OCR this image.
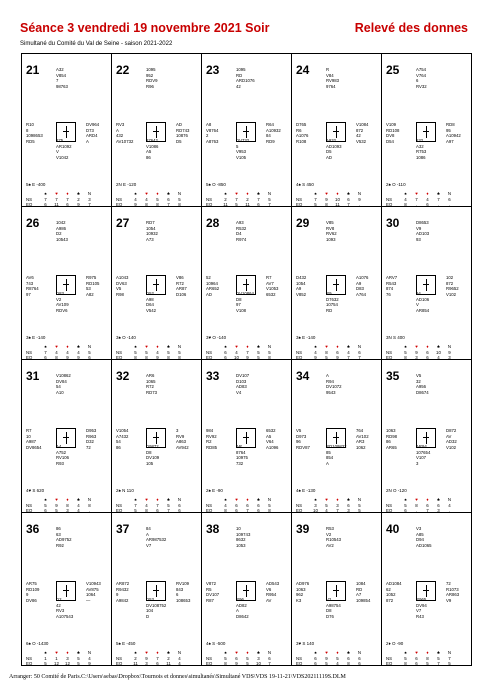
Séance 3 vendredi 19 novembre 2021 Soir	Relevé des donnes
Simultané du Comité du Val de Seine - saison 2021-2022
21	A32
V854
7
98763
R10
8
1098653
RD5
DV964
D73
ARD4
A
875
AR1092
V
V1042
5♠ E -400
♠	♥	♦	♣	N
NS	7	7	7	2	3
EO	6	11	6	9	7
22	1095
952
RDV9
R96
RV3
A
432
AV10732
AD
RD743
10876
D5
87642
V1086
A5
86
2N E -120
♠	♥	♦	♣	N
NS	4	4	5	6	5
EO	9	8	8	7	8
23	1095
RD
ARD1076
42
A8
V8764
2
A8763
R64
A10932
84
RD9
DV732
5
V953
V105
5♠ O -850
♠	♥	♦	♣	N
NS	2	7	2	7	5
EO	11	5	11	6	7
24	R
V84
RV983
9764
D765
R6
A1076
R108
V1084
872
42
V532
A932
AD1093
D5
AD
4♠ S 450
♠	♥	♦	♣	N
NS	7	9	10	6	9
EO	5	8	11	7	.
25	A754
V764
6
RV32
V109
RD108
DV8
D54
RD8
95
A10942
A97
632
A32
R753
1086
2♠ O -110
♠	♥	♦	♣	N
NS	4	7	4	7	6
EO	8	.	6	.	.
26	1042
A986
D2
10543
AV6
743
R8764
97
R975
RD105
53
A82
D83
V2
AV109
RDV6
3♠ E -140
♠	♥	♦	♣	N
NS	7	4	4	4	5
EO	6	8	9	9	6
27	RD7
1054
10932
A73
A1043
DV63
V5
R98
V86
R72
AR87
D106
D52
A98
D64
V542
3♠ O -140
♠	♥	♦	♣	N
NS	5	5	4	5	5
EO	8	8	9	8	8
28	A93
R532
D4
R974
52
10964
AR652
AD
R7
AV7
V1053
6532
DV10864
D8
97
V108
3♥ O -140
♠	♥	♦	♣	N
NS	6	4	7	5	5
EO	6	10	9	5	8
29	V85
RV8
RV62
1093
D432
1054
A9
V852
A1076
A9
D83
A764
R9
D7632
10754
RD
3♠ E -140
♠	♥	♦	♣	N
NS	4	8	6	4	6
EO	9	5	9	7	7
30	D8653
V9
AD103
93
ARV7
R543
874
76
102
872
R9652
V102
94
AD106
V
AR854
3N S 400
♠	♥	♦	♣	N
NS	5	9	6	10	9
EO	8	3	6	4	3
31	V10862
DV84
54
A10
R7
10
A987
DV8654
D953
R963
D32
72
A4
A752
RV106
R93
4♥ S 620
♠	♥	♦	♣	N
NS	5	9	8	4	8
EO	6	5	3	4	.
32	AR6
1065
R72
RD73
V1054
A7432
54
86
3
RV9
A863
AV942
D9872
D8
DV109
105
2♠ N 110
♠	♥	♦	♣	N
NS	7	4	7	5	6
EO	5	8	6	7	6
33	DV107
D103
AD83
V4
984
RV92
R2
RD85
6532
A5
V64
A1096
AR
8764
10975
732
2♠ E -90
♠	♥	♦	♣	N
NS	4	6	6	6	5
EO	8	6	7	6	8
34	A
R94
DV1072
9543
V5
D973
96
RDV87
764
AV102
AR3
1062
RD109832
85
854
A
4♠ E -130
♠	♥	♦	♣	N
NS	3	5	3	6	5
EO	10	4	7	3	5
35	V5
32
A956
D8674
1063
RD98
86
AR65
D872
AV
AD32
V102
AR94
107654
V107
3
2N O -120
♠	♥	♦	♣	N
NS	5	8	6	6	4
EO	6	.	7	3	.
36	86
63
AD9752
R92
AR75
RD109
9
DV86
V10943
AV875
1064
—
D2
42
RV3
A107543
6♠ O -1430
♠	♥	♦	♣	N
NS	1	1	3	5	4
EO	5	12	12	5	9
37	84
A
AR987532
V7
AR872
R9432
9
A9842
RV109
843
6
108653
D53
DV108752
104
D
5♠ E -450
♠	♥	♦	♣	N
NS	2	9	7	2	4
EO	11	3	6	11	4
38	10
109743
8632
1053
V872
R5
DV107
R87
AD543
V6
R954
AV
R96
AD82
A
D8642
4♠ S -500
♠	♥	♦	♣	N
NS	5	6	5	3	6
EO	8	9	5	10	7
39	R53
V2
R10543
AV2
AD976
1063
962
K3
1084
RD
A7
109854
V2
A98754
D8
D76
3♥ S 140
♠	♥	♦	♣	N
NS	6	9	5	6	6
EO	6	5	4	8	6
40	V3
A85
D94
AD1065
AD1084
62
1052
872
72
R1073
AR863
V9
R965
DV94
V7
R43
2♦ O -90
♠	♥	♦	♣	N
NS	5	6	8	5	7
EO	8	6	5	7	5
Arranger: 50 Comité de Paris.C:\Users\sebas\Dropbox\Tournois et donnes\simultanés\Simultané VDS\VDS 19-11-21\VDS20211119S.DLM
